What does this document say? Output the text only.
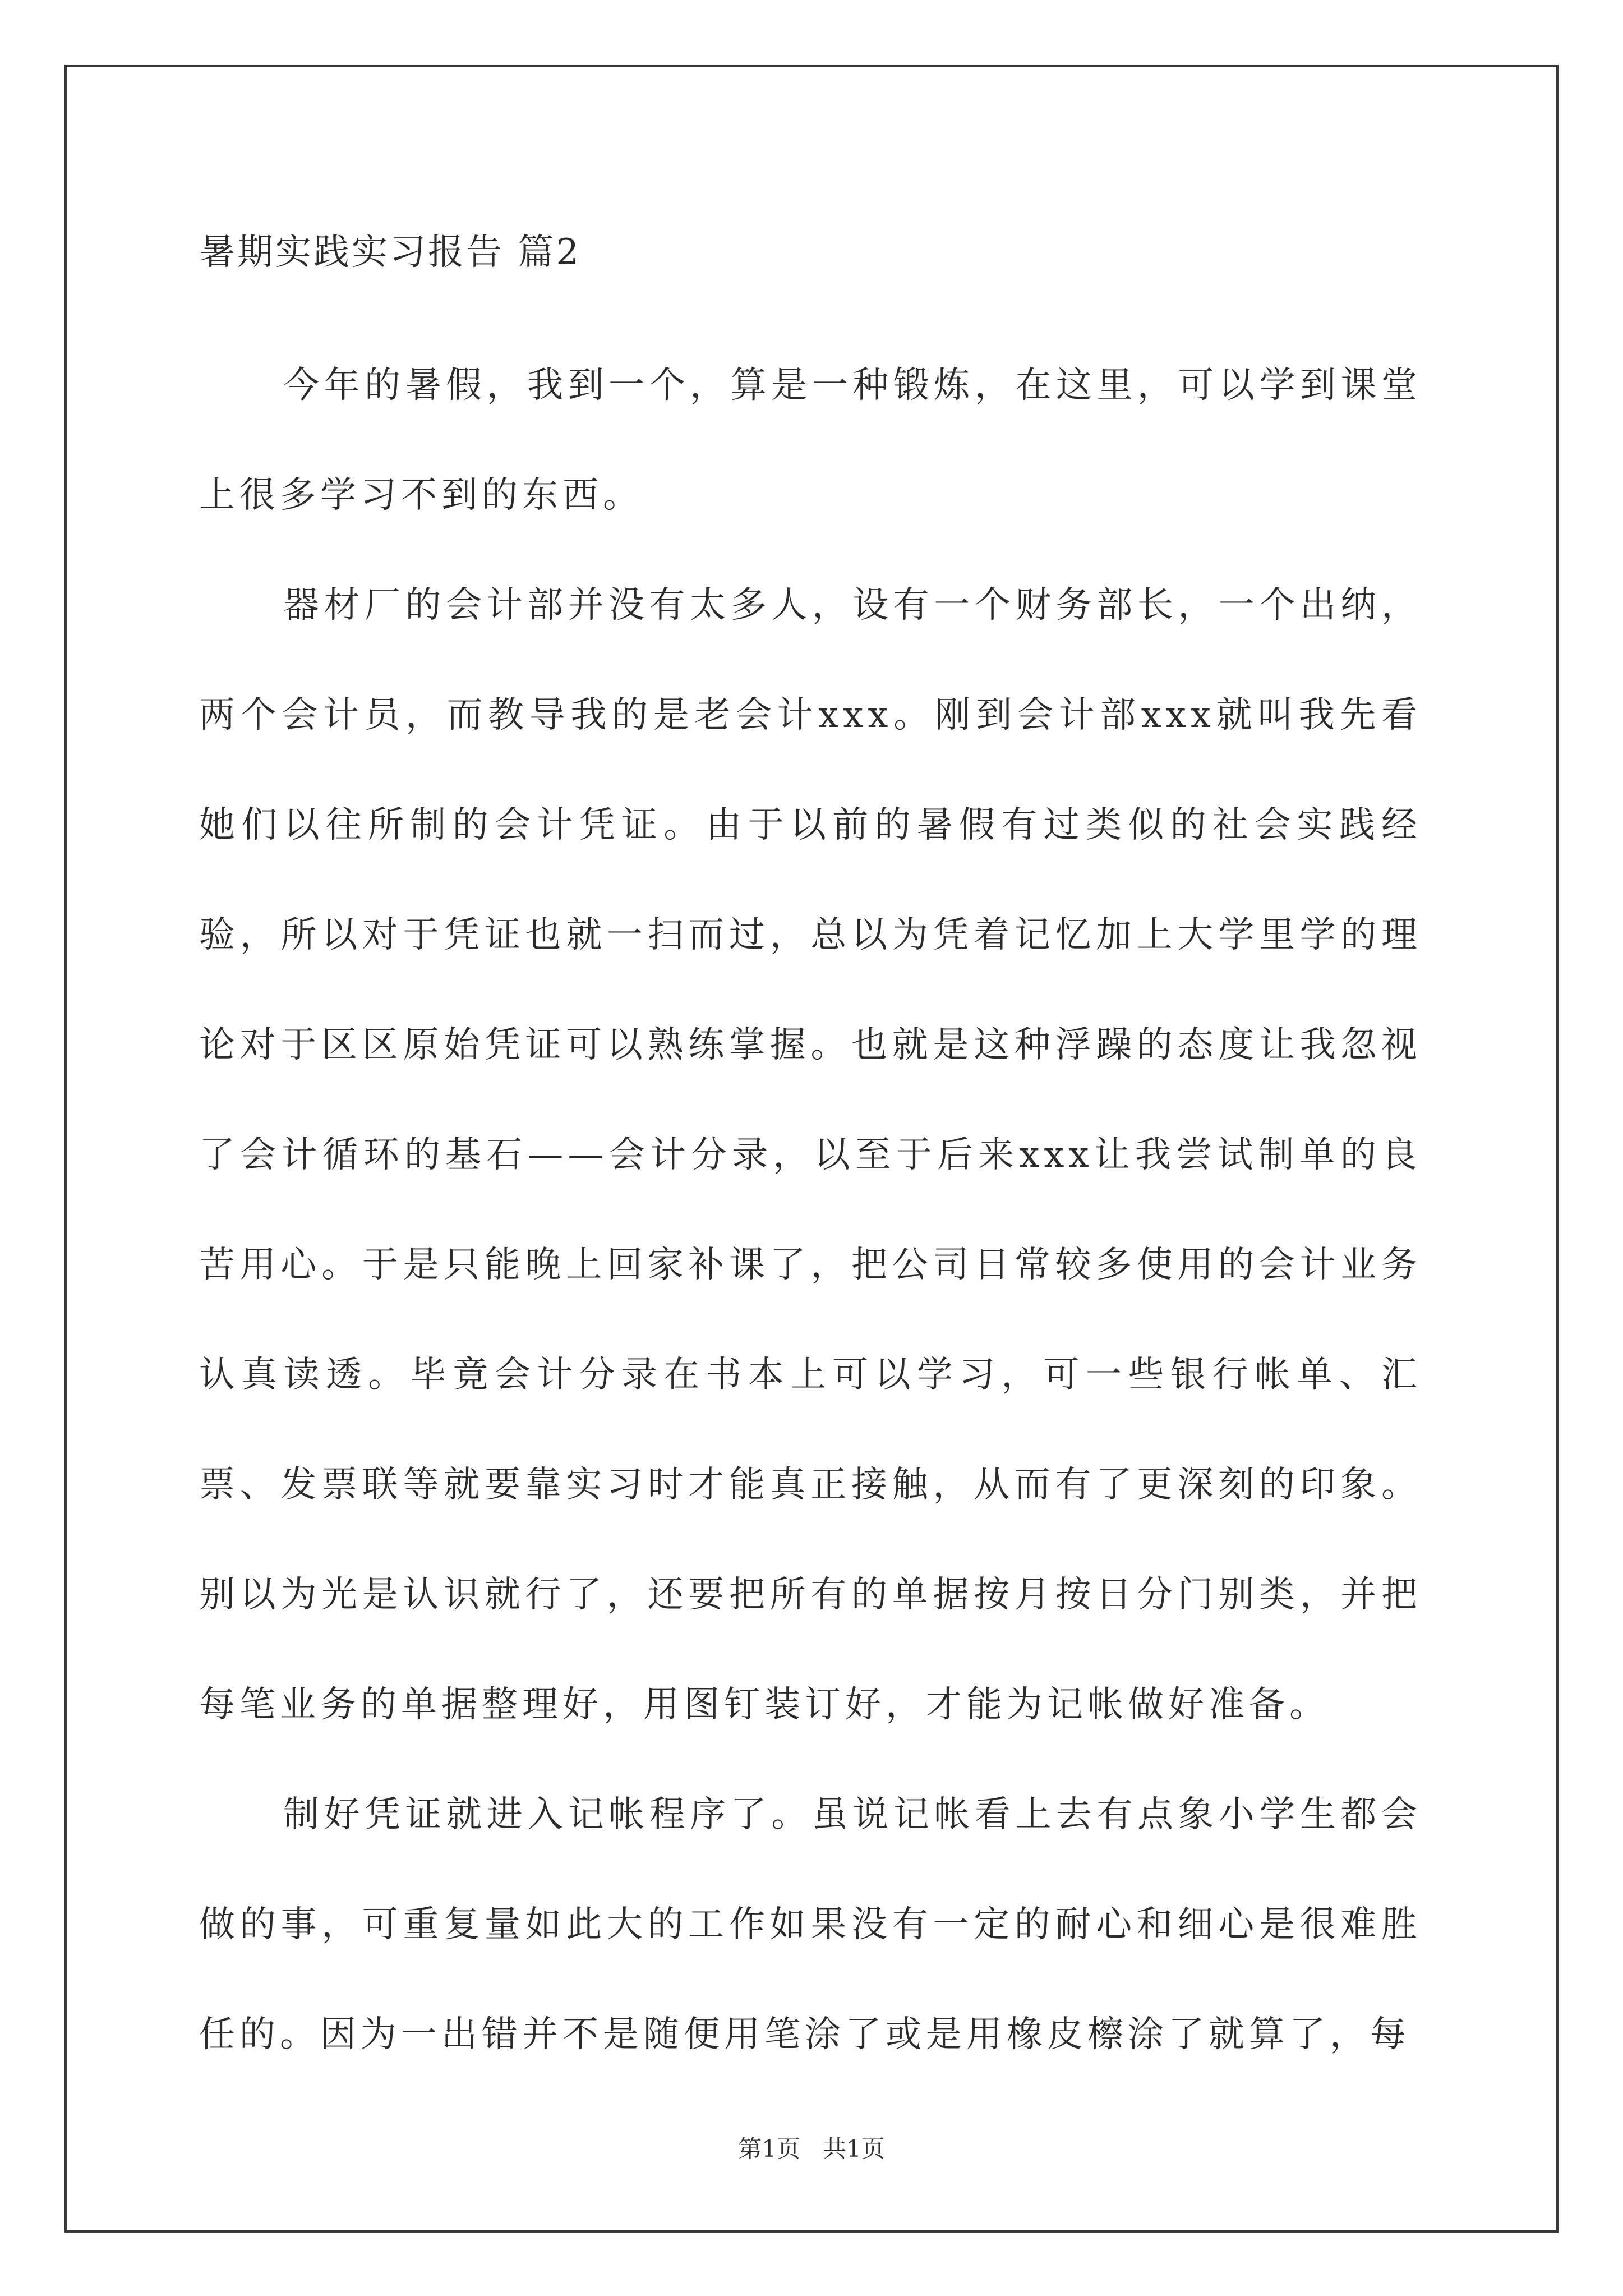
暑期实践实习报告 篇2

今年的暑假，我到一个，算是一种锻炼，在这里，可以学到课堂上很多学习不到的东西。

器材厂的会计部并没有太多人，设有一个财务部长，一个出纳，两个会计员，而教导我的是老会计xxx。刚到会计部xxx就叫我先看她们以往所制的会计凭证。由于以前的暑假有过类似的社会实践经验，所以对于凭证也就一扫而过，总以为凭着记忆加上大学里学的理论对于区区原始凭证可以熟练掌握。也就是这种浮躁的态度让我忽视了会计循环的基石——会计分录，以至于后来xxx让我尝试制单的良苦用心。于是只能晚上回家补课了，把公司日常较多使用的会计业务认真读透。毕竟会计分录在书本上可以学习，可一些银行帐单、汇票、发票联等就要靠实习时才能真正接触，从而有了更深刻的印象。别以为光是认识就行了，还要把所有的单据按月按日分门别类，并把每笔业务的单据整理好，用图钉装订好，才能为记帐做好准备。

制好凭证就进入记帐程序了。虽说记帐看上去有点象小学生都会做的事，可重复量如此大的工作如果没有一定的耐心和细心是很难胜任的。因为一出错并不是随便用笔涂了或是用橡皮檫涂了就算了，每

第1页   共1页
